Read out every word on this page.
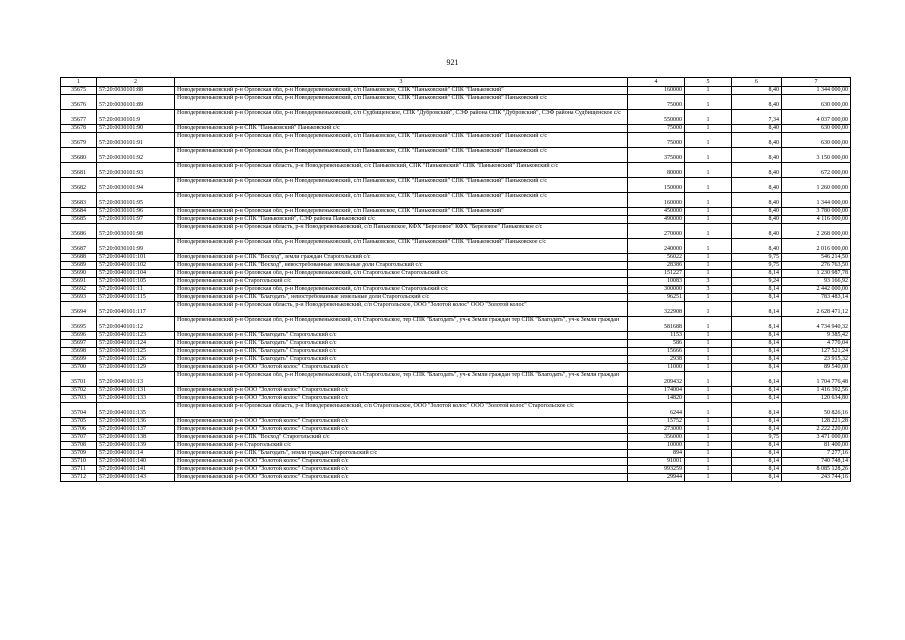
921
1	2	3	4	5	6	7
35675	57:20:0030101:88	Новодеревеньковский р-н Орловская обл, р-н Новодеревеньковский, с/п Паньковское, СПК "Паньковский" СПК "Паньковский"	160000	1	8,40	1 344 000,00
35676	57:20:0030101:89	Новодеревеньковский р-н Орловская обл, р-н Новодеревеньковский, с/п Паньковское, СПК "Паньковский" СПК "Паньковский" Паньковский с/с	75000	1	8,40	630 000,00
35677	57:20:0030101:9	Новодеревеньковский р-н Орловская обл, р-н Новодеревеньковский, с/п Судбищенское, СПК "Дубровский", СЭФ района СПК "Дубровский", СЭФ района Судбищенское с/с	550000	1	7,34	4 037 000,00
35678	57:20:0030101:90	Новодеревеньковский р-н СПК "Паньковский" Паньковский с/с	75000	1	8,40	630 000,00
35679	57:20:0030101:91	Новодеревеньковский р-н Орловская обл, р-н Новодеревеньковский, с/п Паньковское, СПК "Паньковский" СПК "Паньковский" Паньковский с/с	75000	1	8,40	630 000,00
35680	57:20:0030101:92	Новодеревеньковский р-н Орловская обл, р-н Новодеревеньковский, с/п Паньковское, СПК "Паньковский" СПК "Паньковский" Паньковский с/с	375000	1	8,40	3 150 000,00
35681	57:20:0030101:93	Новодеревеньковский р-н Орловская область, р-н Новодеревеньковский, с/с Паньковский, СПК "Паньковский" СПК "Паньковский" Паньковский с/с	80000	1	8,40	672 000,00
35682	57:20:0030101:94	Новодеревеньковский р-н Орловская обл, р-н Новодеревеньковский, с/п Паньковское, СПК "Паньковский" СПК "Паньковский" Паньковский с/с	150000	1	8,40	1 260 000,00
35683	57:20:0030101:95	Новодеревеньковский р-н Орловская обл, р-н Новодеревеньковский, с/п Паньковское, СПК "Паньковский" СПК "Паньковский" Паньковский с/с	160000	1	8,40	1 344 000,00
35684	57:20:0030101:96	Новодеревеньковский р-н Орловская обл, р-н Новодеревеньковский, с/п Паньковское, СПК "Паньковский" СПК "Паньковский"	450000	1	8,40	3 780 000,00
35685	57:20:0030101:97	Новодеревеньковский р-н СПК "Паньковский", СЭФ района Паньковский с/с	490000	1	8,40	4 116 000,00
35686	57:20:0030101:98	Новодеревеньковский р-н Орловская область, р-н Новодеревеньковский, с/п Паньковское, КФХ "Березовое" КФХ "Березовое" Паньковское с/с	270000	1	8,40	2 268 000,00
35687	57:20:0030101:99	Новодеревеньковский р-н Орловская обл, р-н Новодеревеньковский, с/п Паньковское, СПК "Паньковский" СПК "Паньковский" Паньковское с/с	240000	1	8,40	2 016 000,00
35688	57:20:0040101:101	Новодеревеньковский р-н СПК "Восход", земли граждан Старогольский с/с	56022	1	9,75	546 214,50
35689	57:20:0040101:102	Новодеревеньковский р-н СПК "Восход", невостребованные земельные доли Старогольский с/с	28386	1	9,75	276 763,50
35690	57:20:0040101:104	Новодеревеньковский р-н Орловская обл, р-н Новодеревеньковский, с/п Старогольское Старогольский с/с	151227	1	8,14	1 230 987,78
35691	57:20:0040101:105	Новодеревеньковский р-н Старогольский с/с	10083	3	9,24	93 166,92
35692	57:20:0040101:11	Новодеревеньковский р-н Орловская обл, р-н Новодеревеньковский, с/п Старогольское Старогольский с/с	300000	3	8,14	2 442 000,00
35693	57:20:0040101:115	Новодеревеньковский р-н СПК "Благодать", невостребованные земельные доли Старогольский с/с	96251	1	8,14	783 483,14
35694	57:20:0040101:117	Новодеревеньковский р-н Орловская область, р-н Новодеревеньковский, с/п Старогольское, ООО "Золотой колос" ООО "Золотой колос"	322908	1	8,14	2 628 471,12
35695	57:20:0040101:12	Новодеревеньковский р-н Орловская обл, р-н Новодеревеньковский, с/п Старогольское, тер СПК "Благодать", уч-к Земли граждан тер СПК "Благодать", уч-к Земли граждан	581688	1	8,14	4 734 940,32
35696	57:20:0040101:123	Новодеревеньковский р-н СПК "Благодать" Старогольский с/с	1153	1	8,14	9 385,42
35697	57:20:0040101:124	Новодеревеньковский р-н СПК "Благодать" Старогольский с/с	586	1	8,14	4 770,04
35698	57:20:0040101:125	Новодеревеньковский р-н СПК "Благодать" Старогольский с/с	15666	1	8,14	127 521,24
35699	57:20:0040101:126	Новодеревеньковский р-н СПК "Благодать" Старогольский с/с	2938	1	8,14	23 915,32
35700	57:20:0040101:129	Новодеревеньковский р-н ООО "Золотой колос" Старогольский с/с	11000	1	8,14	89 540,00
35701	57:20:0040101:13	Новодеревеньковский р-н Орловская обл, р-н Новодеревеньковский, с/п Старогольское, тер СПК "Благодать", уч-к Земли граждан тер СПК "Благодать", уч-к Земли граждан	209432	1	8,14	1 704 776,48
35702	57:20:0040101:131	Новодеревеньковский р-н ООО "Золотой колос" Старогольский с/с	174004	1	8,14	1 416 392,56
35703	57:20:0040101:133	Новодеревеньковский р-н ООО "Золотой колос" Старогольский с/с	14820	1	8,14	120 634,80
35704	57:20:0040101:135	Новодеревеньковский р-н Орловская область, р-н Новодеревеньковский, с/п Старогольское, ООО "Золотой колос" ООО "Золотой колос" Старогольское с/с	6244	1	8,14	50 826,16
35705	57:20:0040101:136	Новодеревеньковский р-н ООО "Золотой колос" Старогольский с/с	15752	1	8,14	128 221,28
35706	57:20:0040101:137	Новодеревеньковский р-н ООО "Золотой колос" Старогольский с/с	273000	1	8,14	2 222 220,00
35707	57:20:0040101:138	Новодеревеньковский р-н СПК "Восход" Старогольский с/с	356000	1	9,75	3 471 000,00
35708	57:20:0040101:139	Новодеревеньковский р-н Старогольский с/с	10000	1	8,14	81 400,00
35709	57:20:0040101:14	Новодеревеньковский р-н СПК "Благодать", земли граждан Старогольский с/с	894	1	8,14	7 277,16
35710	57:20:0040101:140	Новодеревеньковский р-н ООО "Золотой колос" Старогольский с/с	91001	1	8,14	740 748,14
35711	57:20:0040101:141	Новодеревеньковский р-н ООО "Золотой колос" Старогольский с/с	993259	1	8,14	8 085 128,26
35712	57:20:0040101:143	Новодеревеньковский р-н ООО "Золотой колос" Старогольский с/с	29944	1	8,14	243 744,16
